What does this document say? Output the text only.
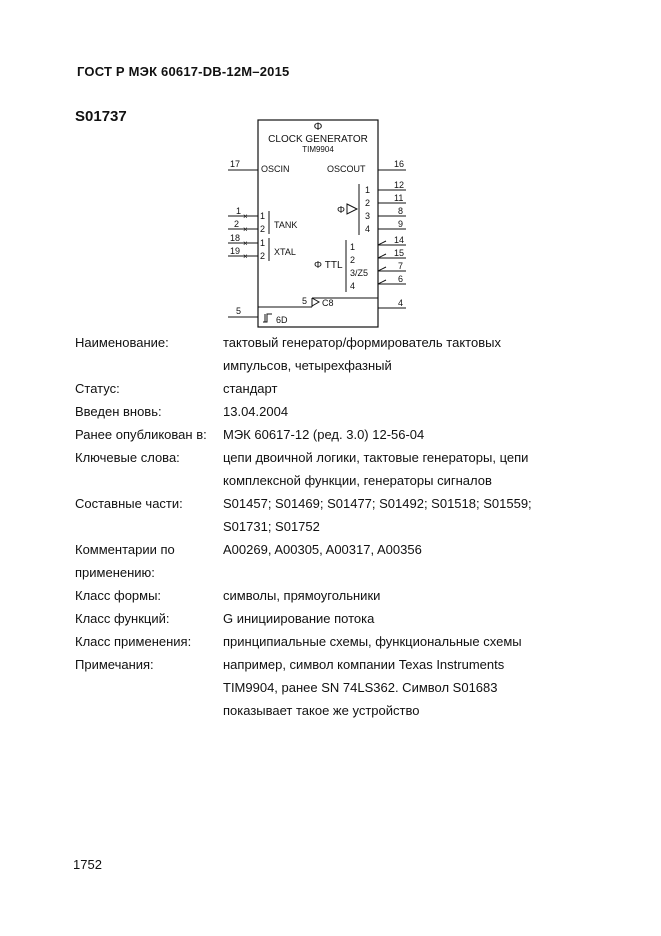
ГОСТ Р МЭК 60617-DB-12M–2015
S01737
Φ
CLOCK GENERATOR
TIM9904
17 OSCIN
1
× 1
2
× 2 TANK
18
× 1
19
× 2 XTAL
5
6D
5 C8
OSCOUT	16
Φ
1
2
3
4
12
11
8
9
Φ TTL
1
2
3/Z5
4
14
15
7
6
4
Наименование:	тактовый генератор/формирователь тактовых
импульсов, четырехфазный
Статус:	стандарт
Введен вновь:	13.04.2004
Ранее опубликован в:	МЭК 60617-12 (ред. 3.0) 12-56-04
Ключевые слова:	цепи двоичной логики, тактовые генераторы, цепи
комплексной функции, генераторы сигналов
Составные части:	S01457; S01469; S01477; S01492; S01518; S01559;
S01731; S01752
Комментарии по
применению:
A00269, A00305, A00317, A00356
Класс формы:	символы, прямоугольники
Класс функций:	G инициирование потока
Класс применения:	принципиальные схемы, функциональные схемы
Примечания:	например, символ компании Texas Instruments
TIM9904, ранее SN 74LS362. Символ S01683
показывает такое же устройство
1752
